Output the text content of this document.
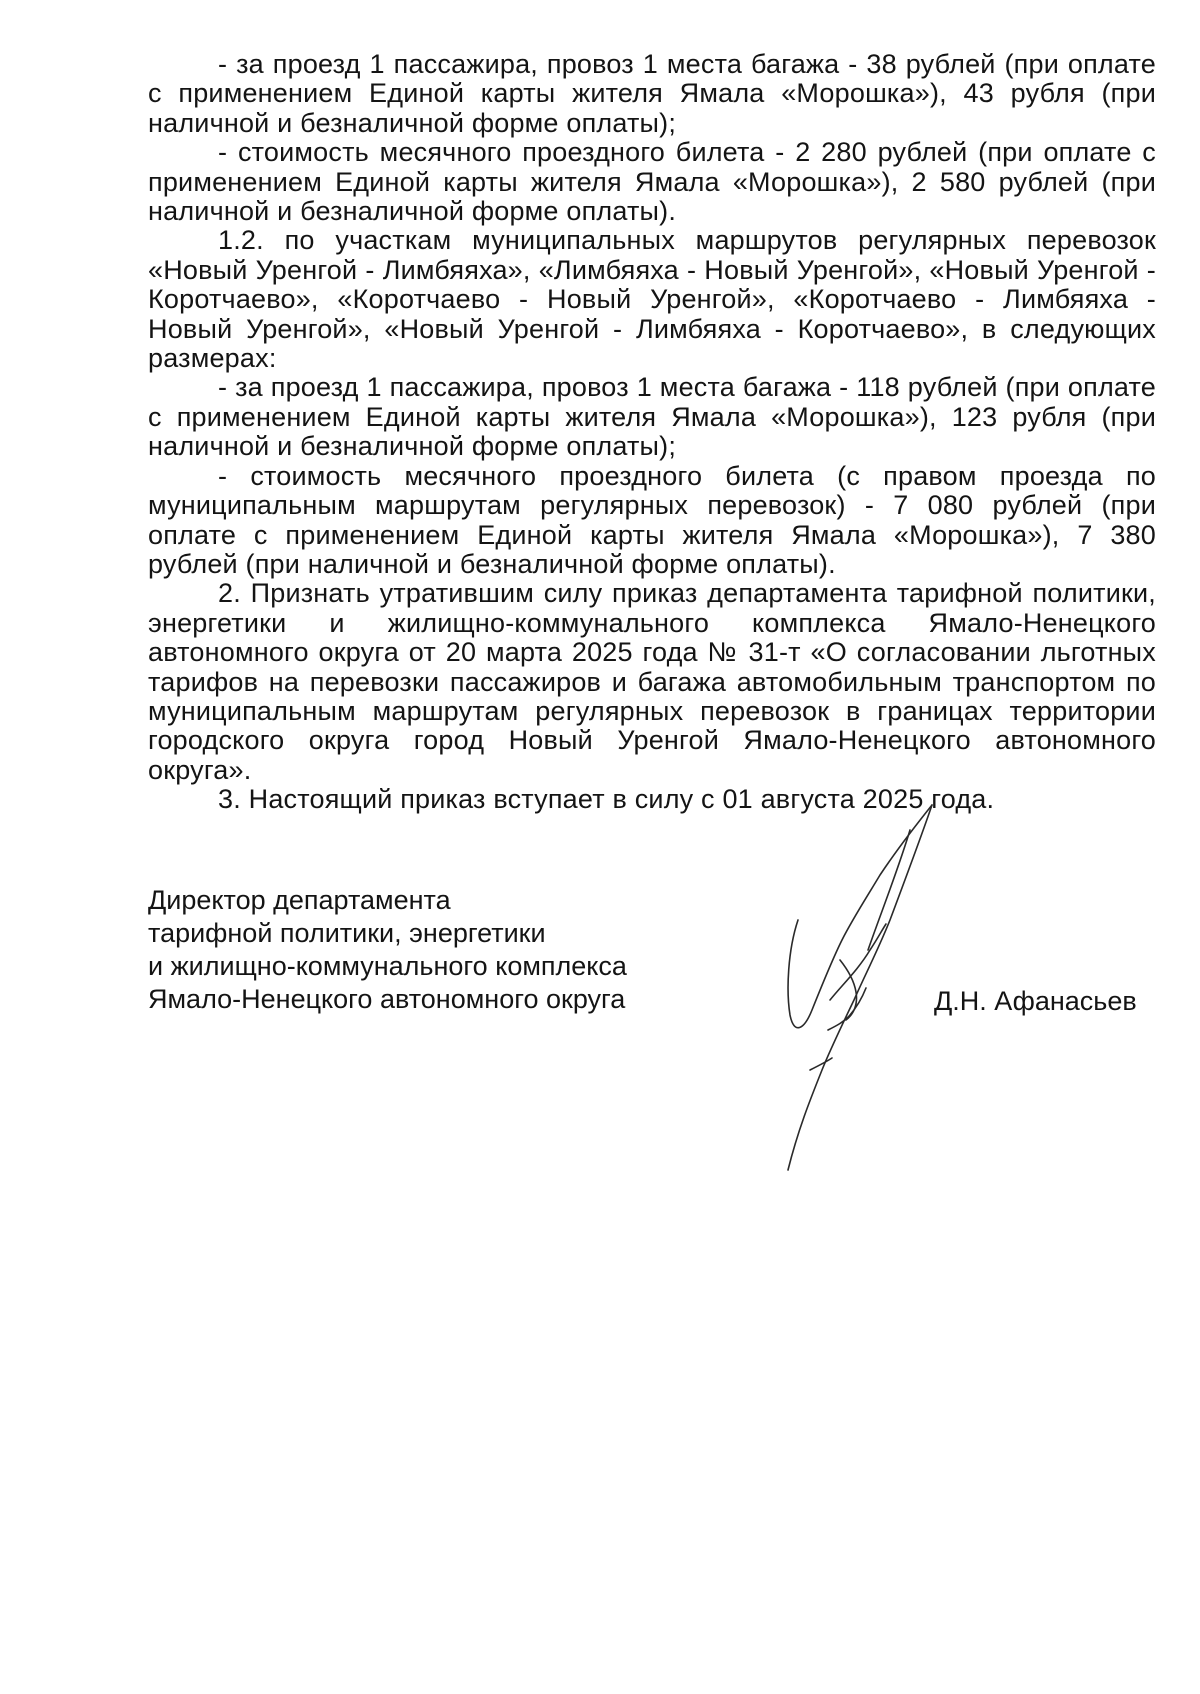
- за проезд 1 пассажира, провоз 1 места багажа - 38 рублей (при оплате с применением Единой карты жителя Ямала «Морошка»), 43 рубля (при наличной и безналичной форме оплаты);

- стоимость месячного проездного билета - 2 280 рублей (при оплате с применением Единой карты жителя Ямала «Морошка»), 2 580 рублей (при наличной и безналичной форме оплаты).

1.2. по участкам муниципальных маршрутов регулярных перевозок «Новый Уренгой - Лимбяяха», «Лимбяяха - Новый Уренгой», «Новый Уренгой - Коротчаево», «Коротчаево - Новый Уренгой», «Коротчаево - Лимбяяха - Новый Уренгой», «Новый Уренгой - Лимбяяха - Коротчаево», в следующих размерах:

- за проезд 1 пассажира, провоз 1 места багажа - 118 рублей (при оплате с применением Единой карты жителя Ямала «Морошка»), 123 рубля (при наличной и безналичной форме оплаты);

- стоимость месячного проездного билета (с правом проезда по муниципальным маршрутам регулярных перевозок) - 7 080 рублей (при оплате с применением Единой карты жителя Ямала «Морошка»), 7 380 рублей (при наличной и безналичной форме оплаты).

2. Признать утратившим силу приказ департамента тарифной политики, энергетики и жилищно-коммунального комплекса Ямало-Ненецкого автономного округа от 20 марта 2025 года № 31-т «О согласовании льготных тарифов на перевозки пассажиров и багажа автомобильным транспортом по муниципальным маршрутам регулярных перевозок в границах территории городского округа город Новый Уренгой Ямало-Ненецкого автономного округа».

3. Настоящий приказ вступает в силу с 01 августа 2025 года.

Директор департамента
тарифной политики, энергетики
и жилищно-коммунального комплекса
Ямало-Ненецкого автономного округа	Д.Н. Афанасьев
